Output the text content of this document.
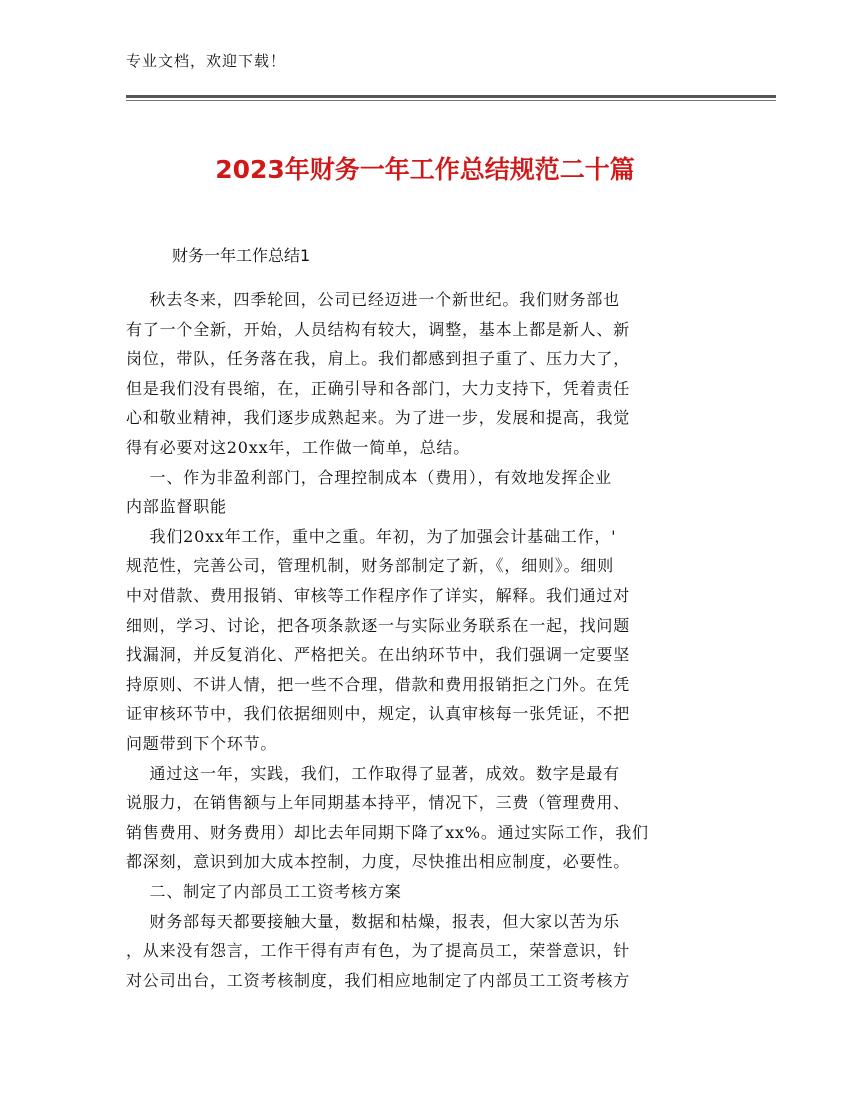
专业文档，欢迎下载！
2023年财务一年工作总结规范二十篇
财务一年工作总结1
秋去冬来，四季轮回，公司已经迈进一个新世纪。我们财务部也
有了一个全新，开始，人员结构有较大，调整，基本上都是新人、新
岗位，带队，任务落在我，肩上。我们都感到担子重了、压力大了，
但是我们没有畏缩，在，正确引导和各部门，大力支持下，凭着责任
心和敬业精神，我们逐步成熟起来。为了进一步，发展和提高，我觉
得有必要对这20xx年，工作做一简单，总结。
一、作为非盈利部门，合理控制成本（费用），有效地发挥企业
内部监督职能
我们20xx年工作，重中之重。年初，为了加强会计基础工作，'
规范性，完善公司，管理机制，财务部制定了新，《，细则》。细则
中对借款、费用报销、审核等工作程序作了详实，解释。我们通过对
细则，学习、讨论，把各项条款逐一与实际业务联系在一起，找问题
找漏洞，并反复消化、严格把关。在出纳环节中，我们强调一定要坚
持原则、不讲人情，把一些不合理，借款和费用报销拒之门外。在凭
证审核环节中，我们依据细则中，规定，认真审核每一张凭证，不把
问题带到下个环节。
通过这一年，实践，我们，工作取得了显著，成效。数字是最有
说服力，在销售额与上年同期基本持平，情况下，三费（管理费用、
销售费用、财务费用）却比去年同期下降了xx%。通过实际工作，我们
都深刻，意识到加大成本控制，力度，尽快推出相应制度，必要性。
二、制定了内部员工工资考核方案
财务部每天都要接触大量，数据和枯燥，报表，但大家以苦为乐
，从来没有怨言，工作干得有声有色，为了提高员工，荣誉意识，针
对公司出台，工资考核制度，我们相应地制定了内部员工工资考核方
